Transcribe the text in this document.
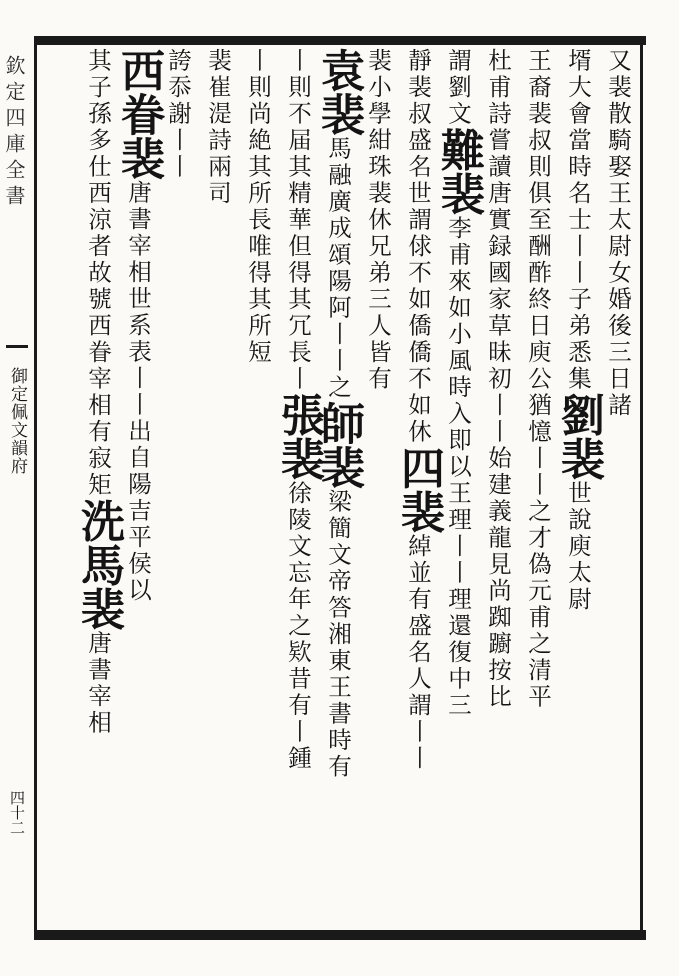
欽定四庫全書
御定佩文韻府
四十二
又裴散騎娶王太尉女婚後三日諸
壻大會當時名士丨丨子弟悉集劉裴世說庾太尉
王裔裴叔則俱至酬酢終日庾公猶憶丨丨之才偽元甫之清平
杜甫詩嘗讀唐實録國家草昧初丨丨始建義龍見尚踟躕按比
謂劉文難裴李甫來如小風時入即以王理丨丨理還復中三
靜裴叔盛名世謂俅不如僑僑不如休四裴綽並有盛名人謂丨丨
裴小學紺珠裴休兄弟三人皆有
袁裴馬融廣成頌陽阿丨丨之師裴梁簡文帝答湘東王書時有
丨則不届其精華但得其冗長丨張裴徐陵文忘年之欵昔有丨鍾
丨則尚絶其所長唯得其所短
裴崔湜詩兩司
誇忝謝丨丨
西眷裴唐書宰相世系表丨丨出自陽吉平侯以
其子孫多仕西涼者故號西眷宰相有寂矩洗馬裴唐書宰相
